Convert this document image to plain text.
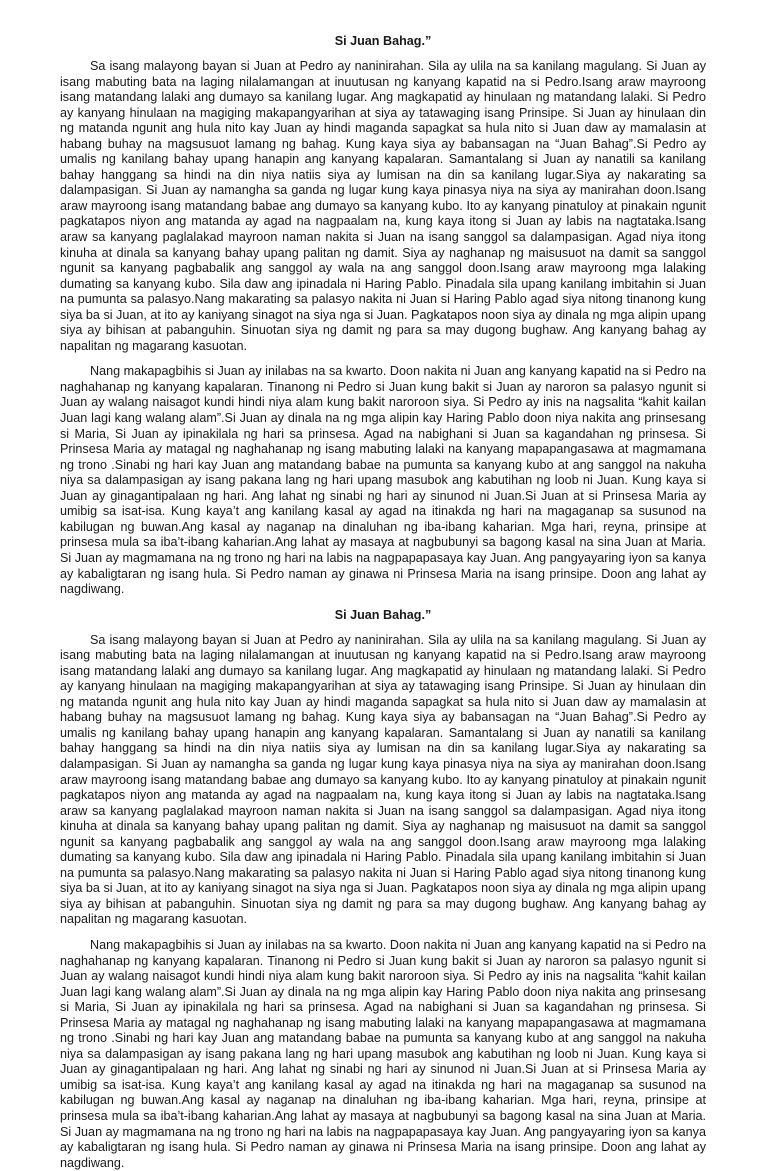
Si Juan Bahag.”

Sa isang malayong bayan si Juan at Pedro ay naninirahan. Sila ay ulila na sa kanilang magulang. Si Juan ay isang mabuting bata na laging nilalamangan at inuutusan ng kanyang kapatid na si Pedro.Isang araw mayroong isang matandang lalaki ang dumayo sa kanilang lugar. Ang magkapatid ay hinulaan ng matandang lalaki. Si Pedro ay kanyang hinulaan na magiging makapangyarihan at siya ay tatawaging isang Prinsipe. Si Juan ay hinulaan din ng matanda ngunit ang hula nito kay Juan ay hindi maganda sapagkat sa hula nito si Juan daw ay mamalasin at habang buhay na magsusuot lamang ng bahag. Kung kaya siya ay babansagan na “Juan Bahag”.Si Pedro ay umalis ng kanilang bahay upang hanapin ang kanyang kapalaran. Samantalang si Juan ay nanatili sa kanilang bahay hanggang sa hindi na din niya natiis siya ay lumisan na din sa kanilang lugar.Siya ay nakarating sa dalampasigan. Si Juan ay namangha sa ganda ng lugar kung kaya pinasya niya na siya ay manirahan doon.Isang araw mayroong isang matandang babae ang dumayo sa kanyang kubo. Ito ay kanyang pinatuloy at pinakain ngunit pagkatapos niyon ang matanda ay agad na nagpaalam na, kung kaya itong si Juan ay labis na nagtataka.Isang araw sa kanyang paglalakad mayroon naman nakita si Juan na isang sanggol sa dalampasigan. Agad niya itong kinuha at dinala sa kanyang bahay upang palitan ng damit. Siya ay naghanap ng maisusuot na damit sa sanggol ngunit sa kanyang pagbabalik ang sanggol ay wala na ang sanggol doon.Isang araw mayroong mga lalaking dumating sa kanyang kubo. Sila daw ang ipinadala ni Haring Pablo. Pinadala sila upang kanilang imbitahin si Juan na pumunta sa palasyo.Nang makarating sa palasyo nakita ni Juan si Haring Pablo agad siya nitong tinanong kung siya ba si Juan, at ito ay kaniyang sinagot na siya nga si Juan. Pagkatapos noon siya ay dinala ng mga alipin upang siya ay bihisan at pabanguhin. Sinuotan siya ng damit ng para sa may dugong bughaw. Ang kanyang bahag ay napalitan ng magarang kasuotan.

Nang makapagbihis si Juan ay inilabas na sa kwarto. Doon nakita ni Juan ang kanyang kapatid na si Pedro na naghahanap ng kanyang kapalaran. Tinanong ni Pedro si Juan kung bakit si Juan ay naroron sa palasyo ngunit si Juan ay walang naisagot kundi hindi niya alam kung bakit naroroon siya. Si Pedro ay inis na nagsalita “kahit kailan Juan lagi kang walang alam”.Si Juan ay dinala na ng mga alipin kay Haring Pablo doon niya nakita ang prinsesang si Maria, Si Juan ay ipinakilala ng hari sa prinsesa. Agad na nabighani si Juan sa kagandahan ng prinsesa. Si Prinsesa Maria ay matagal ng naghahanap ng isang mabuting lalaki na kanyang mapapangasawa at magmamana ng trono .Sinabi ng hari kay Juan ang matandang babae na pumunta sa kanyang kubo at ang sanggol na nakuha niya sa dalampasigan ay isang pakana lang ng hari upang masubok ang kabutihan ng loob ni Juan. Kung kaya si Juan ay ginagantipalaan ng hari. Ang lahat ng sinabi ng hari ay sinunod ni Juan.Si Juan at si Prinsesa Maria ay umibig sa isat-isa. Kung kaya’t ang kanilang kasal ay agad na itinakda ng hari na magaganap sa susunod na kabilugan ng buwan.Ang kasal ay naganap na dinaluhan ng iba-ibang kaharian. Mga hari, reyna, prinsipe at prinsesa mula sa iba’t-ibang kaharian.Ang lahat ay masaya at nagbubunyi sa bagong kasal na sina Juan at Maria. Si Juan ay magmamana na ng trono ng hari na labis na nagpapapasaya kay Juan. Ang pangyayaring iyon sa kanya ay kabaligtaran ng isang hula. Si Pedro naman ay ginawa ni Prinsesa Maria na isang prinsipe. Doon ang lahat ay nagdiwang.

Si Juan Bahag.”

Sa isang malayong bayan si Juan at Pedro ay naninirahan. Sila ay ulila na sa kanilang magulang. Si Juan ay isang mabuting bata na laging nilalamangan at inuutusan ng kanyang kapatid na si Pedro.Isang araw mayroong isang matandang lalaki ang dumayo sa kanilang lugar. Ang magkapatid ay hinulaan ng matandang lalaki. Si Pedro ay kanyang hinulaan na magiging makapangyarihan at siya ay tatawaging isang Prinsipe. Si Juan ay hinulaan din ng matanda ngunit ang hula nito kay Juan ay hindi maganda sapagkat sa hula nito si Juan daw ay mamalasin at habang buhay na magsusuot lamang ng bahag. Kung kaya siya ay babansagan na “Juan Bahag”.Si Pedro ay umalis ng kanilang bahay upang hanapin ang kanyang kapalaran. Samantalang si Juan ay nanatili sa kanilang bahay hanggang sa hindi na din niya natiis siya ay lumisan na din sa kanilang lugar.Siya ay nakarating sa dalampasigan. Si Juan ay namangha sa ganda ng lugar kung kaya pinasya niya na siya ay manirahan doon.Isang araw mayroong isang matandang babae ang dumayo sa kanyang kubo. Ito ay kanyang pinatuloy at pinakain ngunit pagkatapos niyon ang matanda ay agad na nagpaalam na, kung kaya itong si Juan ay labis na nagtataka.Isang araw sa kanyang paglalakad mayroon naman nakita si Juan na isang sanggol sa dalampasigan. Agad niya itong kinuha at dinala sa kanyang bahay upang palitan ng damit. Siya ay naghanap ng maisusuot na damit sa sanggol ngunit sa kanyang pagbabalik ang sanggol ay wala na ang sanggol doon.Isang araw mayroong mga lalaking dumating sa kanyang kubo. Sila daw ang ipinadala ni Haring Pablo. Pinadala sila upang kanilang imbitahin si Juan na pumunta sa palasyo.Nang makarating sa palasyo nakita ni Juan si Haring Pablo agad siya nitong tinanong kung siya ba si Juan, at ito ay kaniyang sinagot na siya nga si Juan. Pagkatapos noon siya ay dinala ng mga alipin upang siya ay bihisan at pabanguhin. Sinuotan siya ng damit ng para sa may dugong bughaw. Ang kanyang bahag ay napalitan ng magarang kasuotan.

Nang makapagbihis si Juan ay inilabas na sa kwarto. Doon nakita ni Juan ang kanyang kapatid na si Pedro na naghahanap ng kanyang kapalaran. Tinanong ni Pedro si Juan kung bakit si Juan ay naroron sa palasyo ngunit si Juan ay walang naisagot kundi hindi niya alam kung bakit naroroon siya. Si Pedro ay inis na nagsalita “kahit kailan Juan lagi kang walang alam”.Si Juan ay dinala na ng mga alipin kay Haring Pablo doon niya nakita ang prinsesang si Maria, Si Juan ay ipinakilala ng hari sa prinsesa. Agad na nabighani si Juan sa kagandahan ng prinsesa. Si Prinsesa Maria ay matagal ng naghahanap ng isang mabuting lalaki na kanyang mapapangasawa at magmamana ng trono .Sinabi ng hari kay Juan ang matandang babae na pumunta sa kanyang kubo at ang sanggol na nakuha niya sa dalampasigan ay isang pakana lang ng hari upang masubok ang kabutihan ng loob ni Juan. Kung kaya si Juan ay ginagantipalaan ng hari. Ang lahat ng sinabi ng hari ay sinunod ni Juan.Si Juan at si Prinsesa Maria ay umibig sa isat-isa. Kung kaya’t ang kanilang kasal ay agad na itinakda ng hari na magaganap sa susunod na kabilugan ng buwan.Ang kasal ay naganap na dinaluhan ng iba-ibang kaharian. Mga hari, reyna, prinsipe at prinsesa mula sa iba’t-ibang kaharian.Ang lahat ay masaya at nagbubunyi sa bagong kasal na sina Juan at Maria. Si Juan ay magmamana na ng trono ng hari na labis na nagpapapasaya kay Juan. Ang pangyayaring iyon sa kanya ay kabaligtaran ng isang hula. Si Pedro naman ay ginawa ni Prinsesa Maria na isang prinsipe. Doon ang lahat ay nagdiwang.
